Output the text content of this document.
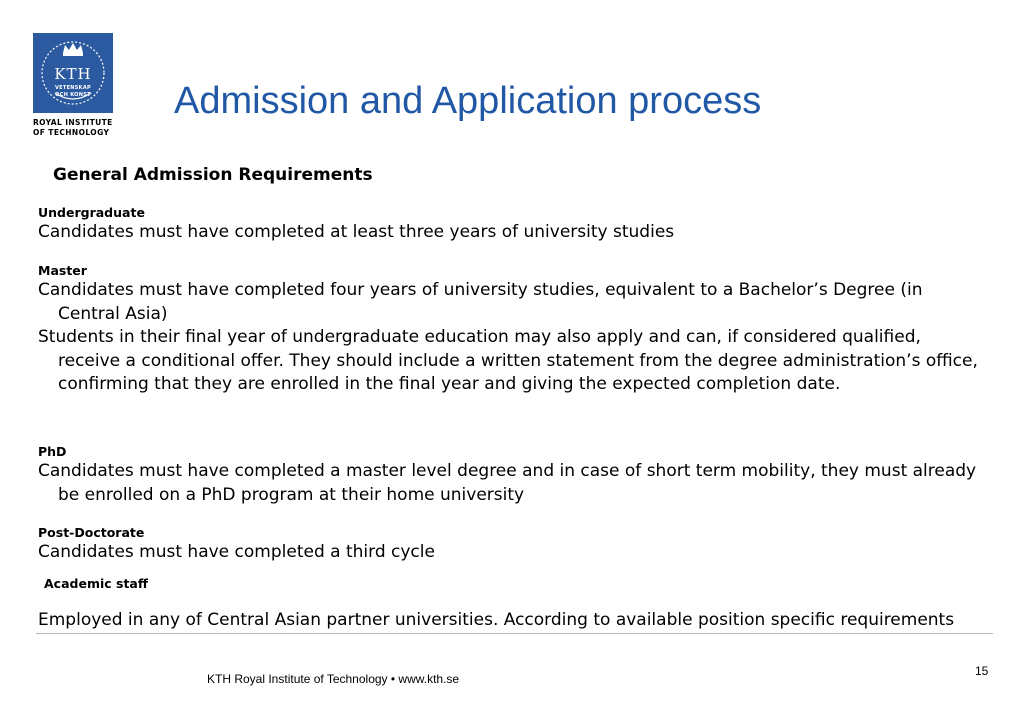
KTH
VETENSKAP
OCH KONST
ROYAL INSTITUTE
OF TECHNOLOGY
Admission and Application process
General Admission Requirements
Undergraduate

Candidates must have completed at least three years of university studies

Master

Candidates must have completed four years of university studies, equivalent to a Bachelor’s Degree (in Central Asia)

Students in their final year of undergraduate education may also apply and can, if considered qualified, receive a conditional offer. They should include a written statement from the degree administration’s office, confirming that they are enrolled in the final year and giving the expected completion date.

PhD

Candidates must have completed a master level degree and in case of short term mobility, they must already be enrolled on a PhD program at their home university

Post-Doctorate

Candidates must have completed a third cycle

Academic staff

Employed in any of Central Asian partner universities. According to available position specific requirements

KTH Royal Institute of Technology • www.kth.se
15
